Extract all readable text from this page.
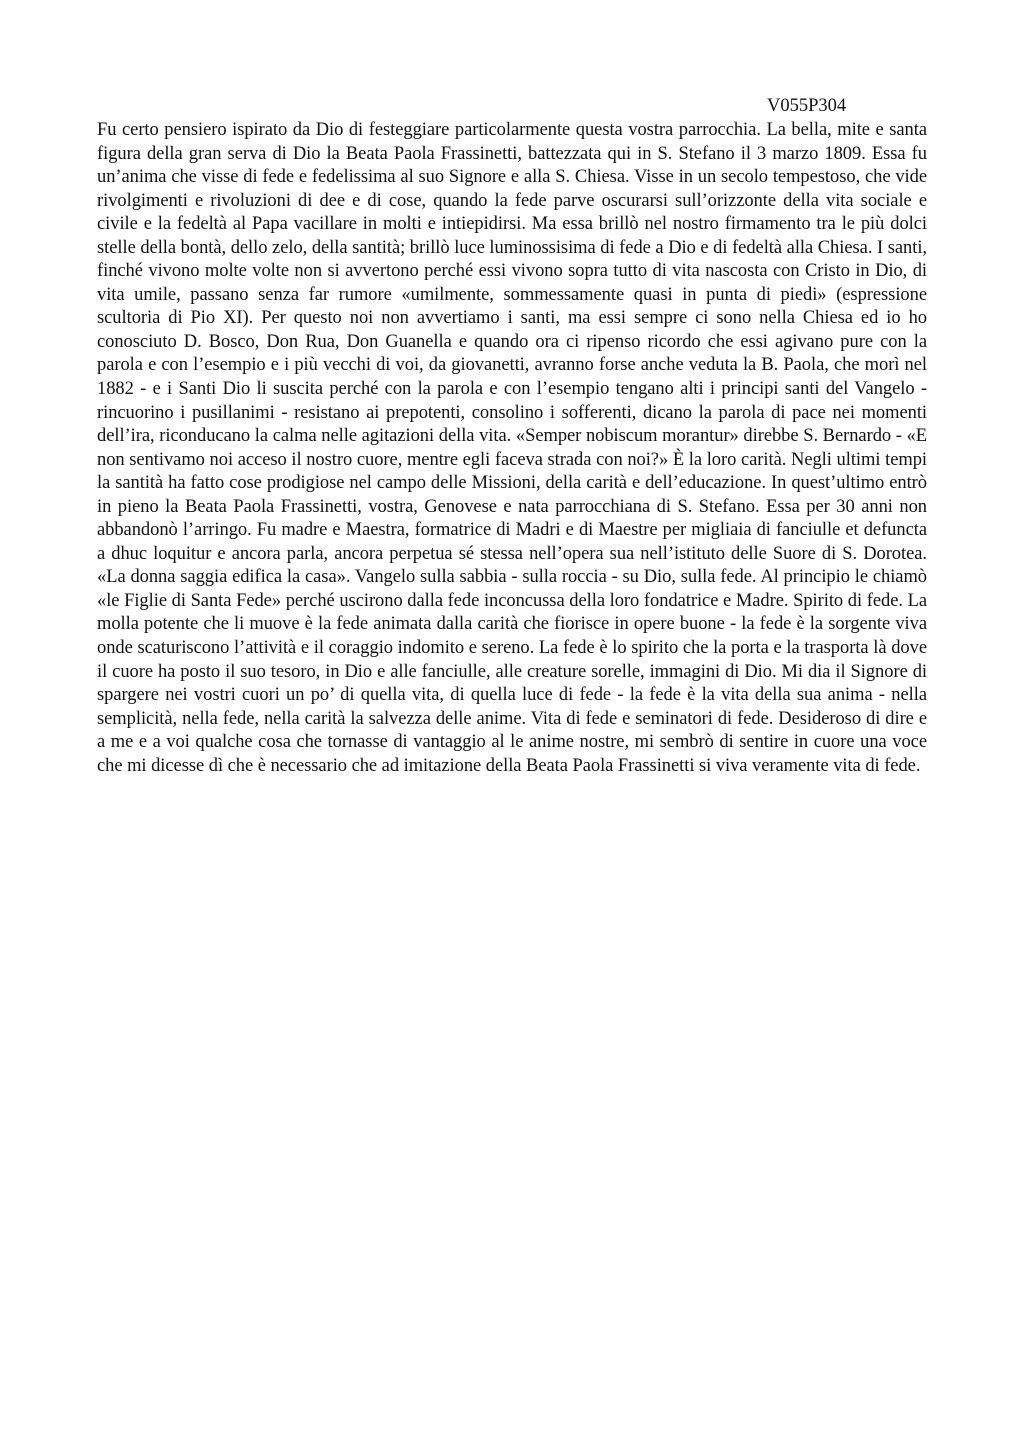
V055P304

Fu certo pensiero ispirato da Dio di festeggiare particolarmente questa vostra parrocchia. La bella, mite e santa figura della gran serva di Dio la Beata Paola Frassinetti, battezzata qui in S. Stefano il 3 marzo 1809. Essa fu un’anima che visse di fede e fedelissima al suo Signore e alla S. Chiesa. Visse in un secolo tempestoso, che vide rivolgimenti e rivoluzioni di dee e di cose, quando la fede parve oscurarsi sull’orizzonte della vita sociale e civile e la fedeltà al Papa vacillare in molti e intiepidirsi. Ma essa brillò nel nostro firmamento tra le più dolci stelle della bontà, dello zelo, della santità; brillò luce luminossisima di fede a Dio e di fedeltà alla Chiesa. I santi, finché vivono molte volte non si avvertono perché essi vivono sopra tutto di vita nascosta con Cristo in Dio, di vita umile, passano senza far rumore «umilmente, sommessamente quasi in punta di piedi» (espressione scultoria di Pio XI). Per questo noi non avvertiamo i santi, ma essi sempre ci sono nella Chiesa ed io ho conosciuto D. Bosco, Don Rua, Don Guanella e quando ora ci ripenso ricordo che essi agivano pure con la parola e con l’esempio e i più vecchi di voi, da giovanetti, avranno forse anche veduta la B. Paola, che morì nel 1882 - e i Santi Dio li suscita perché con la parola e con l’esempio tengano alti i principi santi del Vangelo - rincuorino i pusillanimi - resistano ai prepotenti, consolino i sofferenti, dicano la parola di pace nei momenti dell’ira, riconducano la calma nelle agitazioni della vita. «Semper nobiscum morantur» direbbe S. Bernardo - «E non sentivamo noi acceso il nostro cuore, mentre egli faceva strada con noi?» È la loro carità. Negli ultimi tempi la santità ha fatto cose prodigiose nel campo delle Missioni, della carità e dell’educazione. In quest’ultimo entrò in pieno la Beata Paola Frassinetti, vostra, Genovese e nata parrocchiana di S. Stefano. Essa per 30 anni non abbandonò l’arringo. Fu madre e Maestra, formatrice di Madri e di Maestre per migliaia di fanciulle et defuncta a dhuc loquitur e ancora parla, ancora perpetua sé stessa nell’opera sua nell’istituto delle Suore di S. Dorotea. «La donna saggia edifica la casa». Vangelo sulla sabbia - sulla roccia - su Dio, sulla fede. Al principio le chiamò «le Figlie di Santa Fede» perché uscirono dalla fede inconcussa della loro fondatrice e Madre. Spirito di fede. La molla potente che li muove è la fede animata dalla carità che fiorisce in opere buone - la fede è la sorgente viva onde scaturiscono l’attività e il coraggio indomito e sereno. La fede è lo spirito che la porta e la trasporta là dove il cuore ha posto il suo tesoro, in Dio e alle fanciulle, alle creature sorelle, immagini di Dio. Mi dia il Signore di spargere nei vostri cuori un po’ di quella vita, di quella luce di fede - la fede è la vita della sua anima - nella semplicità, nella fede, nella carità la salvezza delle anime. Vita di fede e seminatori di fede. Desideroso di dire e a me e a voi qualche cosa che tornasse di vantaggio al le anime nostre, mi sembrò di sentire in cuore una voce che mi dicesse dì che è necessario che ad imitazione della Beata Paola Frassinetti si viva veramente vita di fede.
